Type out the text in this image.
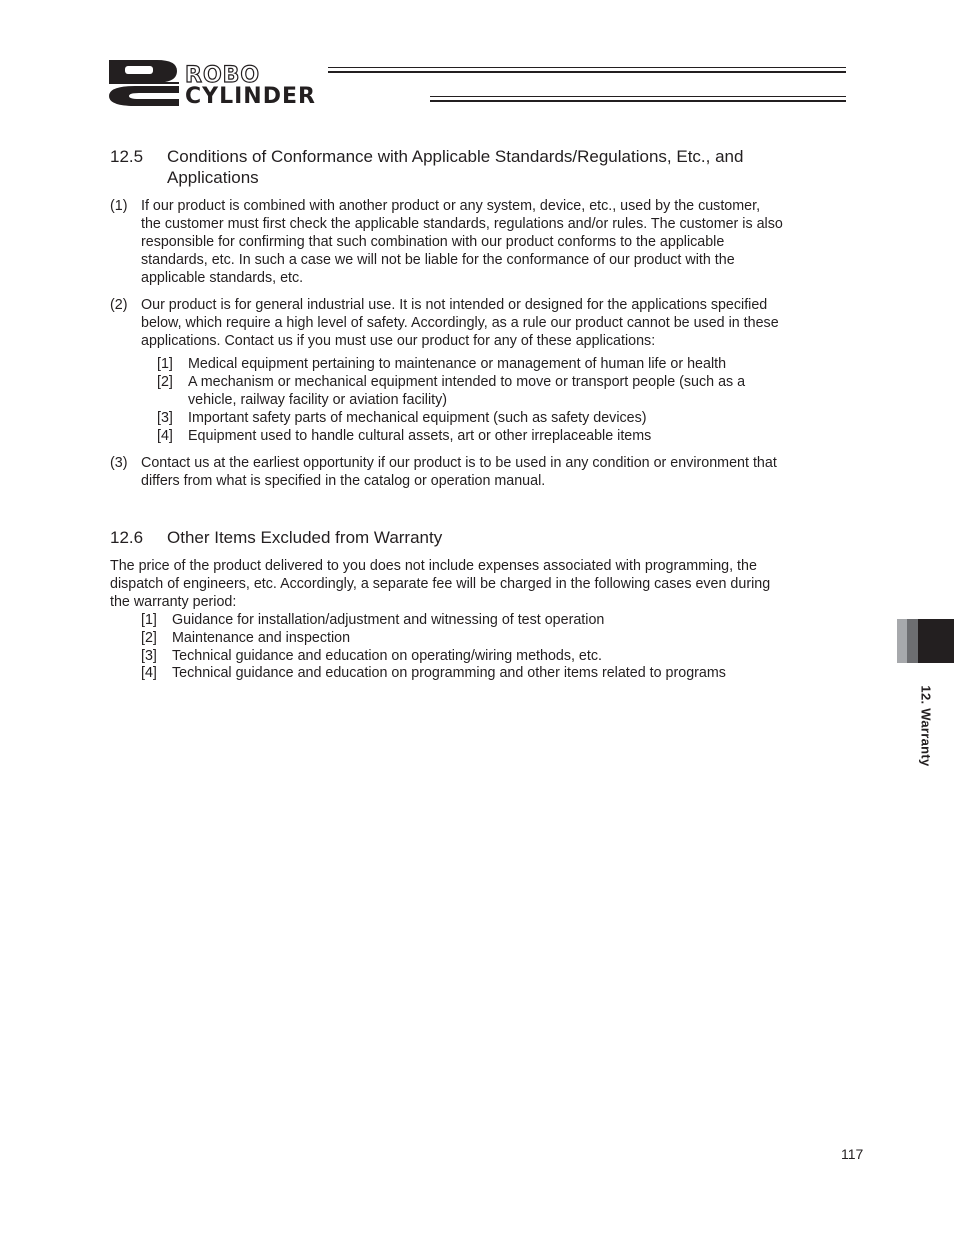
ROBO
CYLINDER
12.5 Conditions of Conformance with Applicable Standards/Regulations, Etc., and
Applications
(1) If our product is combined with another product or any system, device, etc., used by the customer,
the customer must first check the applicable standards, regulations and/or rules. The customer is also
responsible for confirming that such combination with our product conforms to the applicable
standards, etc. In such a case we will not be liable for the conformance of our product with the
applicable standards, etc.
(2) Our product is for general industrial use. It is not intended or designed for the applications specified
below, which require a high level of safety. Accordingly, as a rule our product cannot be used in these
applications. Contact us if you must use our product for any of these applications:
[1] Medical equipment pertaining to maintenance or management of human life or health
[2] A mechanism or mechanical equipment intended to move or transport people (such as a
vehicle, railway facility or aviation facility)
[3] Important safety parts of mechanical equipment (such as safety devices)
[4] Equipment used to handle cultural assets, art or other irreplaceable items
(3) Contact us at the earliest opportunity if our product is to be used in any condition or environment that
differs from what is specified in the catalog or operation manual.
12.6 Other Items Excluded from Warranty
The price of the product delivered to you does not include expenses associated with programming, the
dispatch of engineers, etc. Accordingly, a separate fee will be charged in the following cases even during
the warranty period:
[1] Guidance for installation/adjustment and witnessing of test operation
[2] Maintenance and inspection
[3] Technical guidance and education on operating/wiring methods, etc.
[4] Technical guidance and education on programming and other items related to programs
12. Warranty
117
